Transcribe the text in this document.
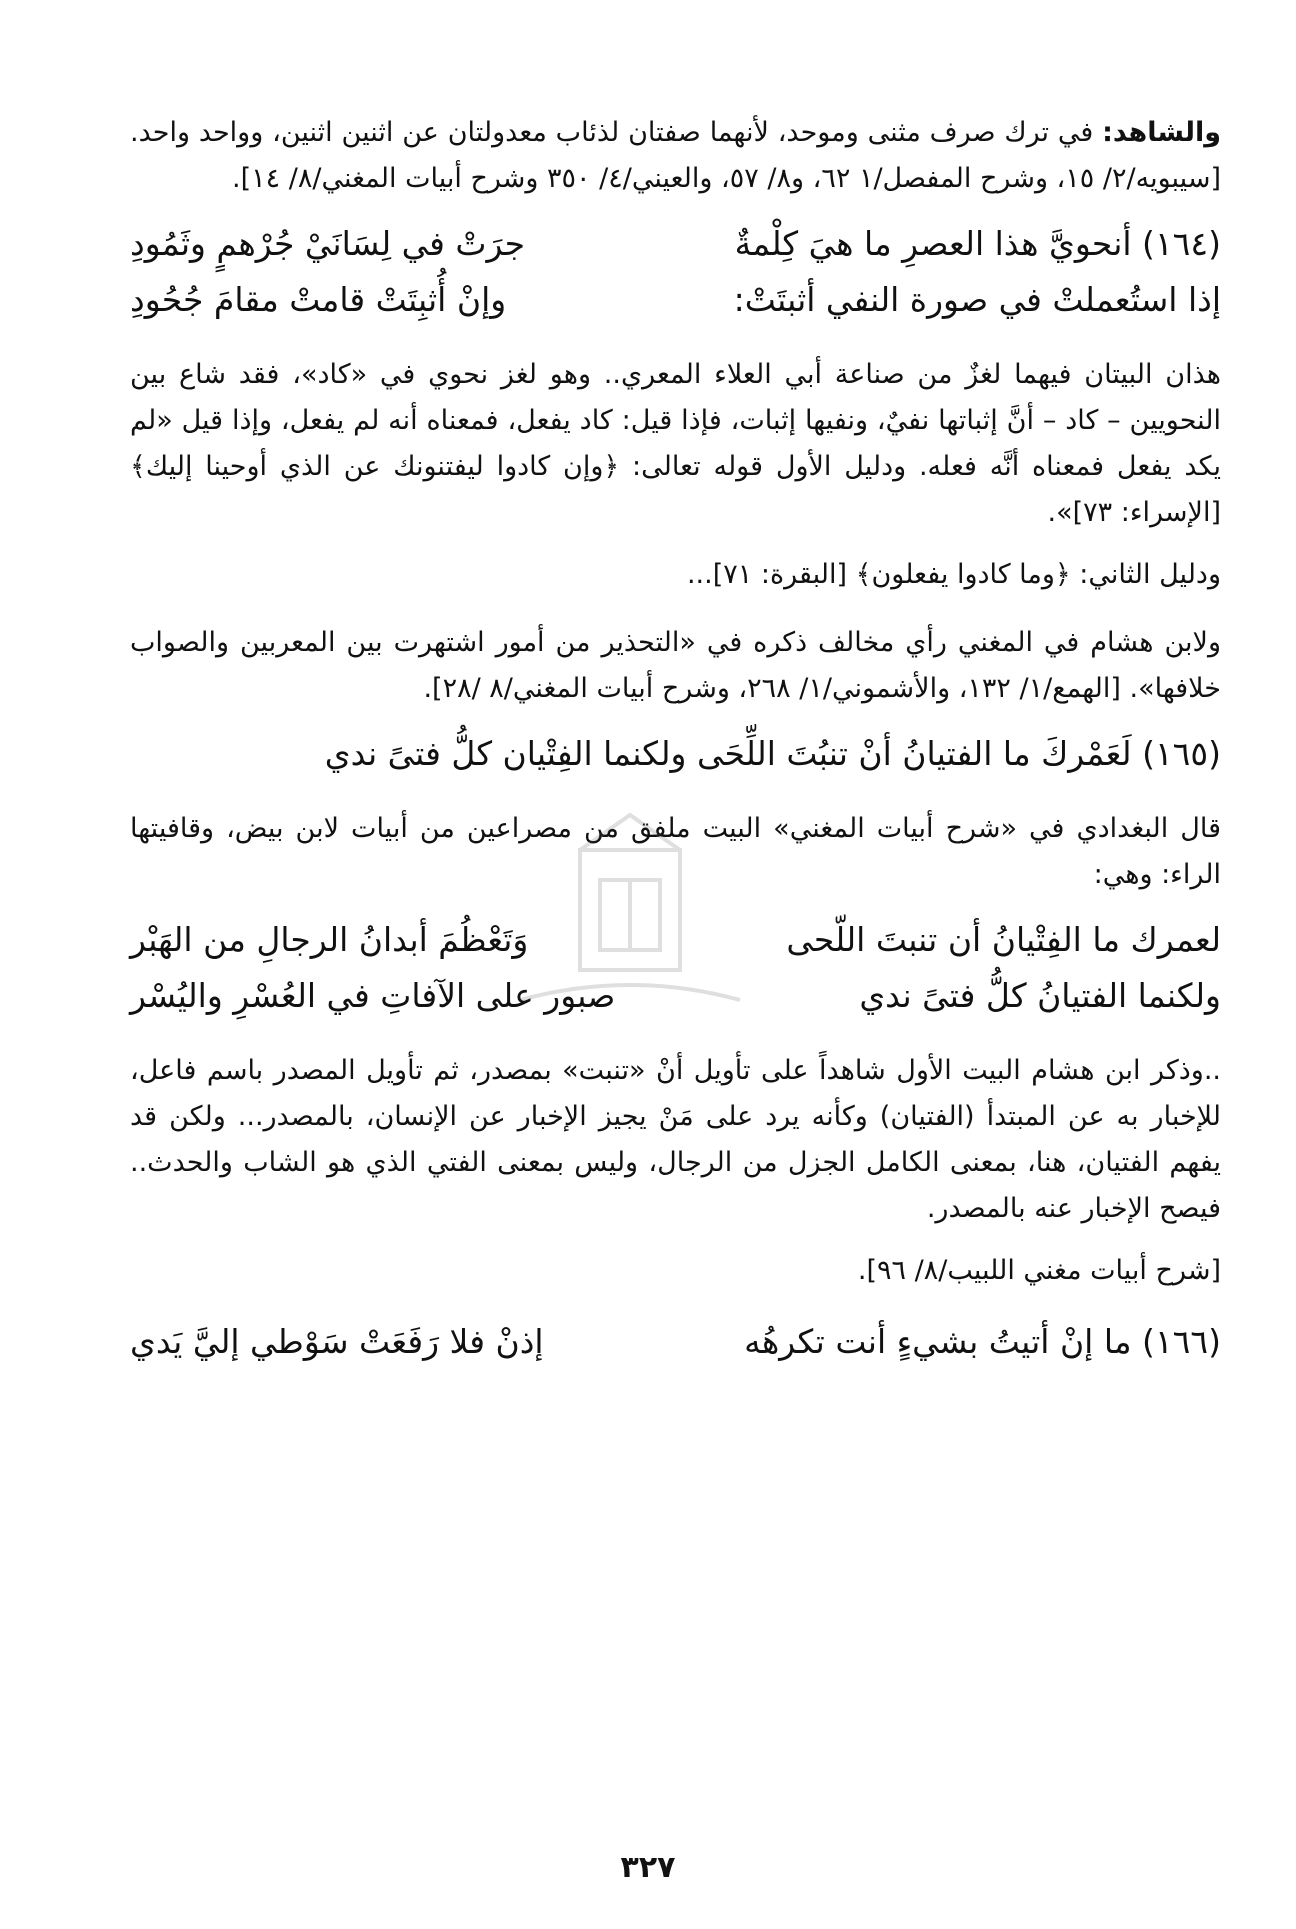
والشاهد: في ترك صرف مثنى وموحد، لأنهما صفتان لذئاب معدولتان عن اثنين اثنين، وواحد واحد. [سيبويه/٢/ ١٥، وشرح المفصل/١ ٦٢، و٨/ ٥٧، والعيني/٤/ ٣٥٠ وشرح أبيات المغني/٨/ ١٤].

(١٦٤) أنحويَّ هذا العصرِ ما هيَ كِلْمةٌ
جرَتْ في لِسَانَيْ جُرْهمٍ وثَمُودِ
إذا استُعملتْ في صورة النفي أثبتَتْ:
وإنْ أُثبِتَتْ قامتْ مقامَ جُحُودِ

هذان البيتان فيهما لغزٌ من صناعة أبي العلاء المعري.. وهو لغز نحوي في «كاد»، فقد شاع بين النحويين – كاد – أنَّ إثباتها نفيٌ، ونفيها إثبات، فإذا قيل: كاد يفعل، فمعناه أنه لم يفعل، وإذا قيل «لم يكد يفعل فمعناه أنَّه فعله. ودليل الأول قوله تعالى: ﴿وإن كادوا ليفتنونك عن الذي أوحينا إليك﴾ [الإسراء: ٧٣]».

ودليل الثاني: ﴿وما كادوا يفعلون﴾ [البقرة: ٧١]...

ولابن هشام في المغني رأي مخالف ذكره في «التحذير من أمور اشتهرت بين المعربين والصواب خلافها». [الهمع/١/ ١٣٢، والأشموني/١/ ٢٦٨، وشرح أبيات المغني/٨ /٢٨].

(١٦٥) لَعَمْركَ ما الفتيانُ أنْ تنبُتَ اللِّحَى ولكنما الفِتْيان كلُّ فتىً ندي

قال البغدادي في «شرح أبيات المغني» البيت ملفق من مصراعين من أبيات لابن بيض، وقافيتها الراء: وهي:

لعمرك ما الفِتْيانُ أن تنبتَ اللّحى
وَتَعْظُمَ أبدانُ الرجالِ من الهَبْر
ولكنما الفتيانُ كلُّ فتىً ندي
صبور على الآفاتِ في العُسْرِ واليُسْر

..وذكر ابن هشام البيت الأول شاهداً على تأويل أنْ «تنبت» بمصدر، ثم تأويل المصدر باسم فاعل، للإخبار به عن المبتدأ (الفتيان) وكأنه يرد على مَنْ يجيز الإخبار عن الإنسان، بالمصدر... ولكن قد يفهم الفتيان، هنا، بمعنى الكامل الجزل من الرجال، وليس بمعنى الفتي الذي هو الشاب والحدث.. فيصح الإخبار عنه بالمصدر.

[شرح أبيات مغني اللبيب/٨/ ٩٦].

(١٦٦) ما إنْ أتيتُ بشيءٍ أنت تكرهُه
إذنْ فلا رَفَعَتْ سَوْطي إليَّ يَدي
٣٢٧
